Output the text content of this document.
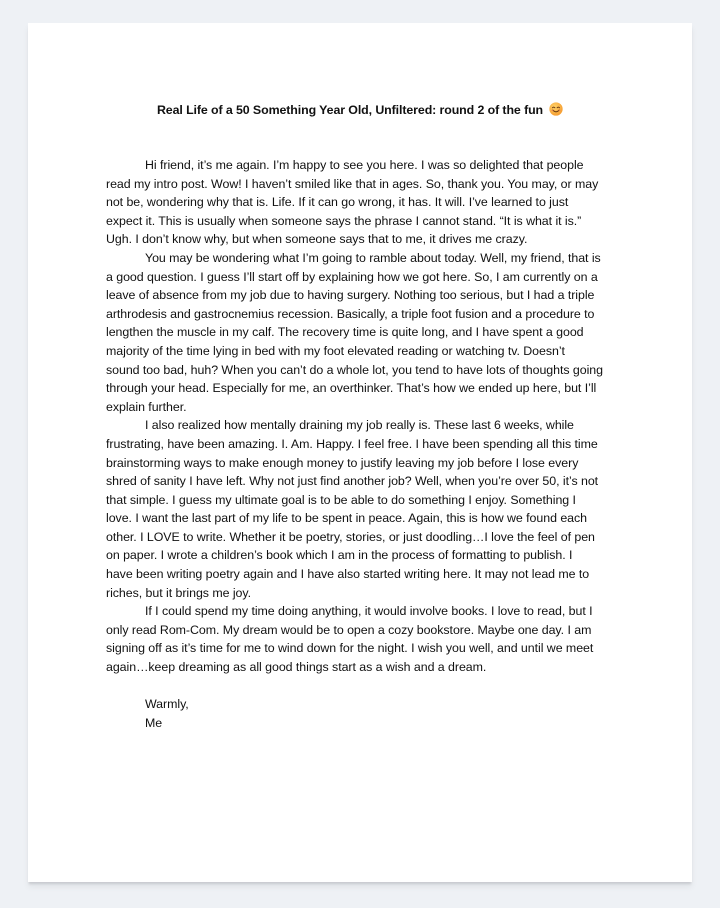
Real Life of a 50 Something Year Old, Unfiltered: round 2 of the fun
Hi friend, it’s me again. I’m happy to see you here. I was so delighted that people
read my intro post. Wow! I haven’t smiled like that in ages. So, thank you. You may, or may
not be, wondering why that is. Life. If it can go wrong, it has. It will. I’ve learned to just
expect it. This is usually when someone says the phrase I cannot stand. “It is what it is.”
Ugh. I don’t know why, but when someone says that to me, it drives me crazy.
You may be wondering what I’m going to ramble about today. Well, my friend, that is
a good question. I guess I’ll start off by explaining how we got here. So, I am currently on a
leave of absence from my job due to having surgery. Nothing too serious, but I had a triple
arthrodesis and gastrocnemius recession. Basically, a triple foot fusion and a procedure to
lengthen the muscle in my calf. The recovery time is quite long, and I have spent a good
majority of the time lying in bed with my foot elevated reading or watching tv. Doesn’t
sound too bad, huh? When you can’t do a whole lot, you tend to have lots of thoughts going
through your head. Especially for me, an overthinker. That’s how we ended up here, but I’ll
explain further.
I also realized how mentally draining my job really is. These last 6 weeks, while
frustrating, have been amazing. I. Am. Happy. I feel free. I have been spending all this time
brainstorming ways to make enough money to justify leaving my job before I lose every
shred of sanity I have left. Why not just find another job? Well, when you’re over 50, it’s not
that simple. I guess my ultimate goal is to be able to do something I enjoy. Something I
love. I want the last part of my life to be spent in peace. Again, this is how we found each
other. I LOVE to write. Whether it be poetry, stories, or just doodling…I love the feel of pen
on paper. I wrote a children’s book which I am in the process of formatting to publish. I
have been writing poetry again and I have also started writing here. It may not lead me to
riches, but it brings me joy.
If I could spend my time doing anything, it would involve books. I love to read, but I
only read Rom-Com. My dream would be to open a cozy bookstore. Maybe one day. I am
signing off as it’s time for me to wind down for the night. I wish you well, and until we meet
again…keep dreaming as all good things start as a wish and a dream.
Warmly,
Me
